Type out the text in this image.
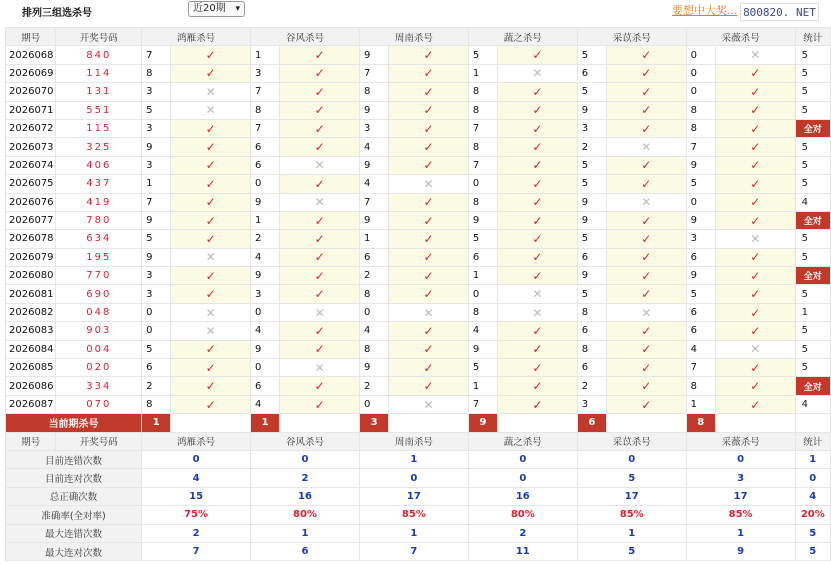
排列三组选杀号	近20期 ▾	要想中大奖... 800820. NET
期号	开奖号码	鸿雁杀号		谷风杀号		周南杀号		蔬之杀号		采苡杀号		采薇杀号		统计
2026068	840	7	✓	1	✓	9	✓	5	✓	5	✓	0	✕	5
2026069	114	8	✓	3	✓	7	✓	1	✕	6	✓	0	✓	5
2026070	131	3	✕	7	✓	8	✓	8	✓	5	✓	0	✓	5
2026071	551	5	✕	8	✓	9	✓	8	✓	9	✓	8	✓	5
2026072	115	3	✓	7	✓	3	✓	7	✓	3	✓	8	✓	全对
2026073	325	9	✓	6	✓	4	✓	8	✓	2	✕	7	✓	5
2026074	406	3	✓	6	✕	9	✓	7	✓	5	✓	9	✓	5
2026075	437	1	✓	0	✓	4	✕	0	✓	5	✓	5	✓	5
2026076	419	7	✓	9	✕	7	✓	8	✓	9	✕	0	✓	4
2026077	780	9	✓	1	✓	9	✓	9	✓	9	✓	9	✓	全对
2026078	634	5	✓	2	✓	1	✓	5	✓	5	✓	3	✕	5
2026079	195	9	✕	4	✓	6	✓	6	✓	6	✓	6	✓	5
2026080	770	3	✓	9	✓	2	✓	1	✓	9	✓	9	✓	全对
2026081	690	3	✓	3	✓	8	✓	0	✕	5	✓	5	✓	5
2026082	048	0	✕	0	✕	0	✕	8	✕	8	✕	6	✓	1
2026083	903	0	✕	4	✓	4	✓	4	✓	6	✓	6	✓	5
2026084	004	5	✓	9	✓	8	✓	9	✓	8	✓	4	✕	5
2026085	020	6	✓	0	✕	9	✓	5	✓	6	✓	7	✓	5
2026086	334	2	✓	6	✓	2	✓	1	✓	2	✓	8	✓	全对
2026087	070	8	✓	4	✓	0	✕	7	✓	3	✓	1	✓	4
当前期杀号		1		1		3		9		6		8		
期号	开奖号码	鸿雁杀号		谷风杀号		周南杀号		蔬之杀号		采苡杀号		采薇杀号		统计
目前连错次数		0		0		1		0		0		0		1
目前连对次数		4		2		0		0		5		3		0
总正确次数		15		16		17		16		17		17		4
准确率(全对率)		75%		80%		85%		80%		85%		85%		20%
最大连错次数		2		1		1		2		1		1		5
最大连对次数		7		6		7		11		5		9		5
